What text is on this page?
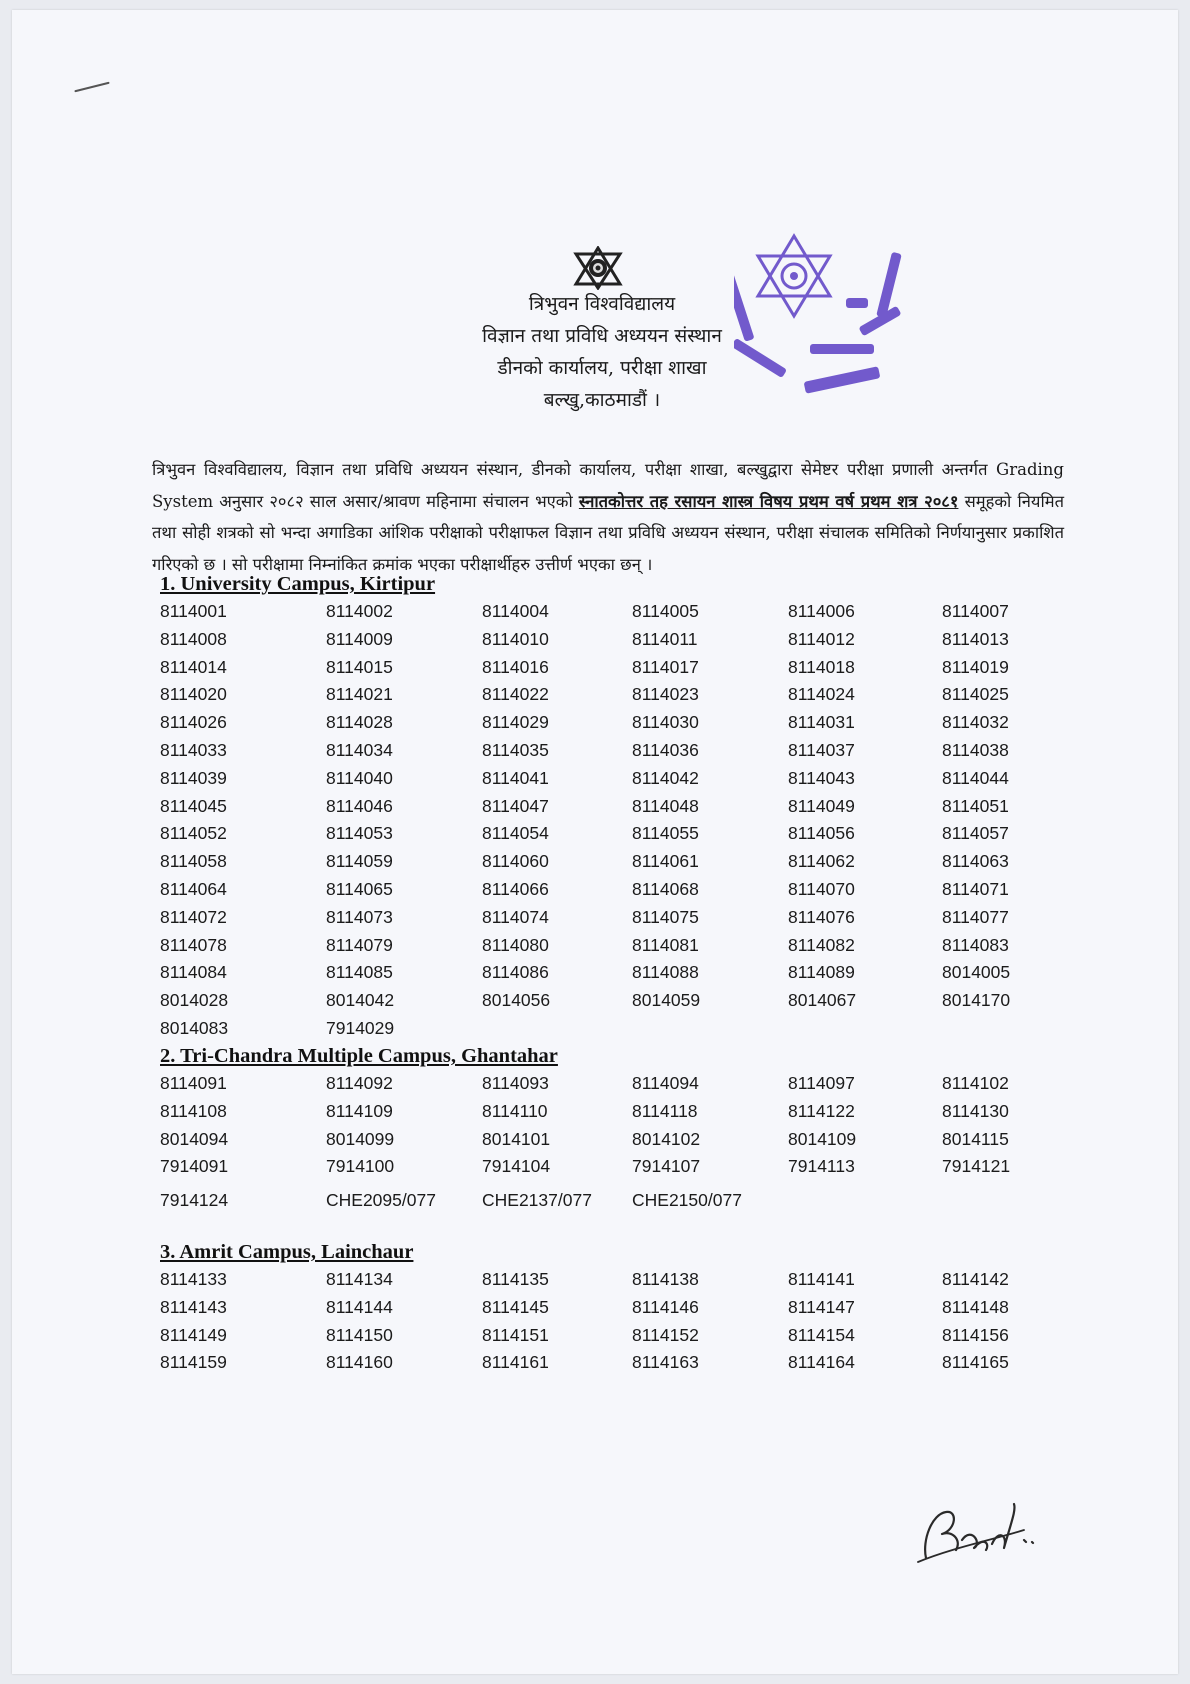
त्रिभुवन विश्वविद्यालय
विज्ञान तथा प्रविधि अध्ययन संस्थान
डीनको कार्यालय, परीक्षा शाखा
बल्खु,काठमाडौं ।
त्रिभुवन विश्वविद्यालय, विज्ञान तथा प्रविधि अध्ययन संस्थान, डीनको कार्यालय, परीक्षा शाखा, बल्खुद्वारा सेमेष्टर परीक्षा प्रणाली अन्तर्गत Grading System अनुसार २०८२ साल असार/श्रावण महिनामा संचालन भएको स्नातकोत्तर तह रसायन शास्त्र विषय प्रथम वर्ष प्रथम शत्र २०८१ समूहको नियमित तथा सोही शत्रको सो भन्दा अगाडिका आंशिक परीक्षाको परीक्षाफल विज्ञान तथा प्रविधि अध्ययन संस्थान, परीक्षा संचालक समितिको निर्णयानुसार प्रकाशित गरिएको छ । सो परीक्षामा निम्नांकित क्रमांक भएका परीक्षार्थीहरु उत्तीर्ण भएका छन् ।
1. University Campus, Kirtipur
8114001	8114002	8114004	8114005	8114006	8114007
8114008	8114009	8114010	8114011	8114012	8114013
8114014	8114015	8114016	8114017	8114018	8114019
8114020	8114021	8114022	8114023	8114024	8114025
8114026	8114028	8114029	8114030	8114031	8114032
8114033	8114034	8114035	8114036	8114037	8114038
8114039	8114040	8114041	8114042	8114043	8114044
8114045	8114046	8114047	8114048	8114049	8114051
8114052	8114053	8114054	8114055	8114056	8114057
8114058	8114059	8114060	8114061	8114062	8114063
8114064	8114065	8114066	8114068	8114070	8114071
8114072	8114073	8114074	8114075	8114076	8114077
8114078	8114079	8114080	8114081	8114082	8114083
8114084	8114085	8114086	8114088	8114089	8014005
8014028	8014042	8014056	8014059	8014067	8014170
8014083	7914029
2. Tri-Chandra Multiple Campus, Ghantahar
8114091	8114092	8114093	8114094	8114097	8114102
8114108	8114109	8114110	8114118	8114122	8114130
8014094	8014099	8014101	8014102	8014109	8014115
7914091	7914100	7914104	7914107	7914113	7914121
7914124	CHE2095/077	CHE2137/077 CHE2150/077
3. Amrit Campus, Lainchaur
8114133	8114134	8114135	8114138	8114141	8114142
8114143	8114144	8114145	8114146	8114147	8114148
8114149	8114150	8114151	8114152	8114154	8114156
8114159	8114160	8114161	8114163	8114164	8114165
